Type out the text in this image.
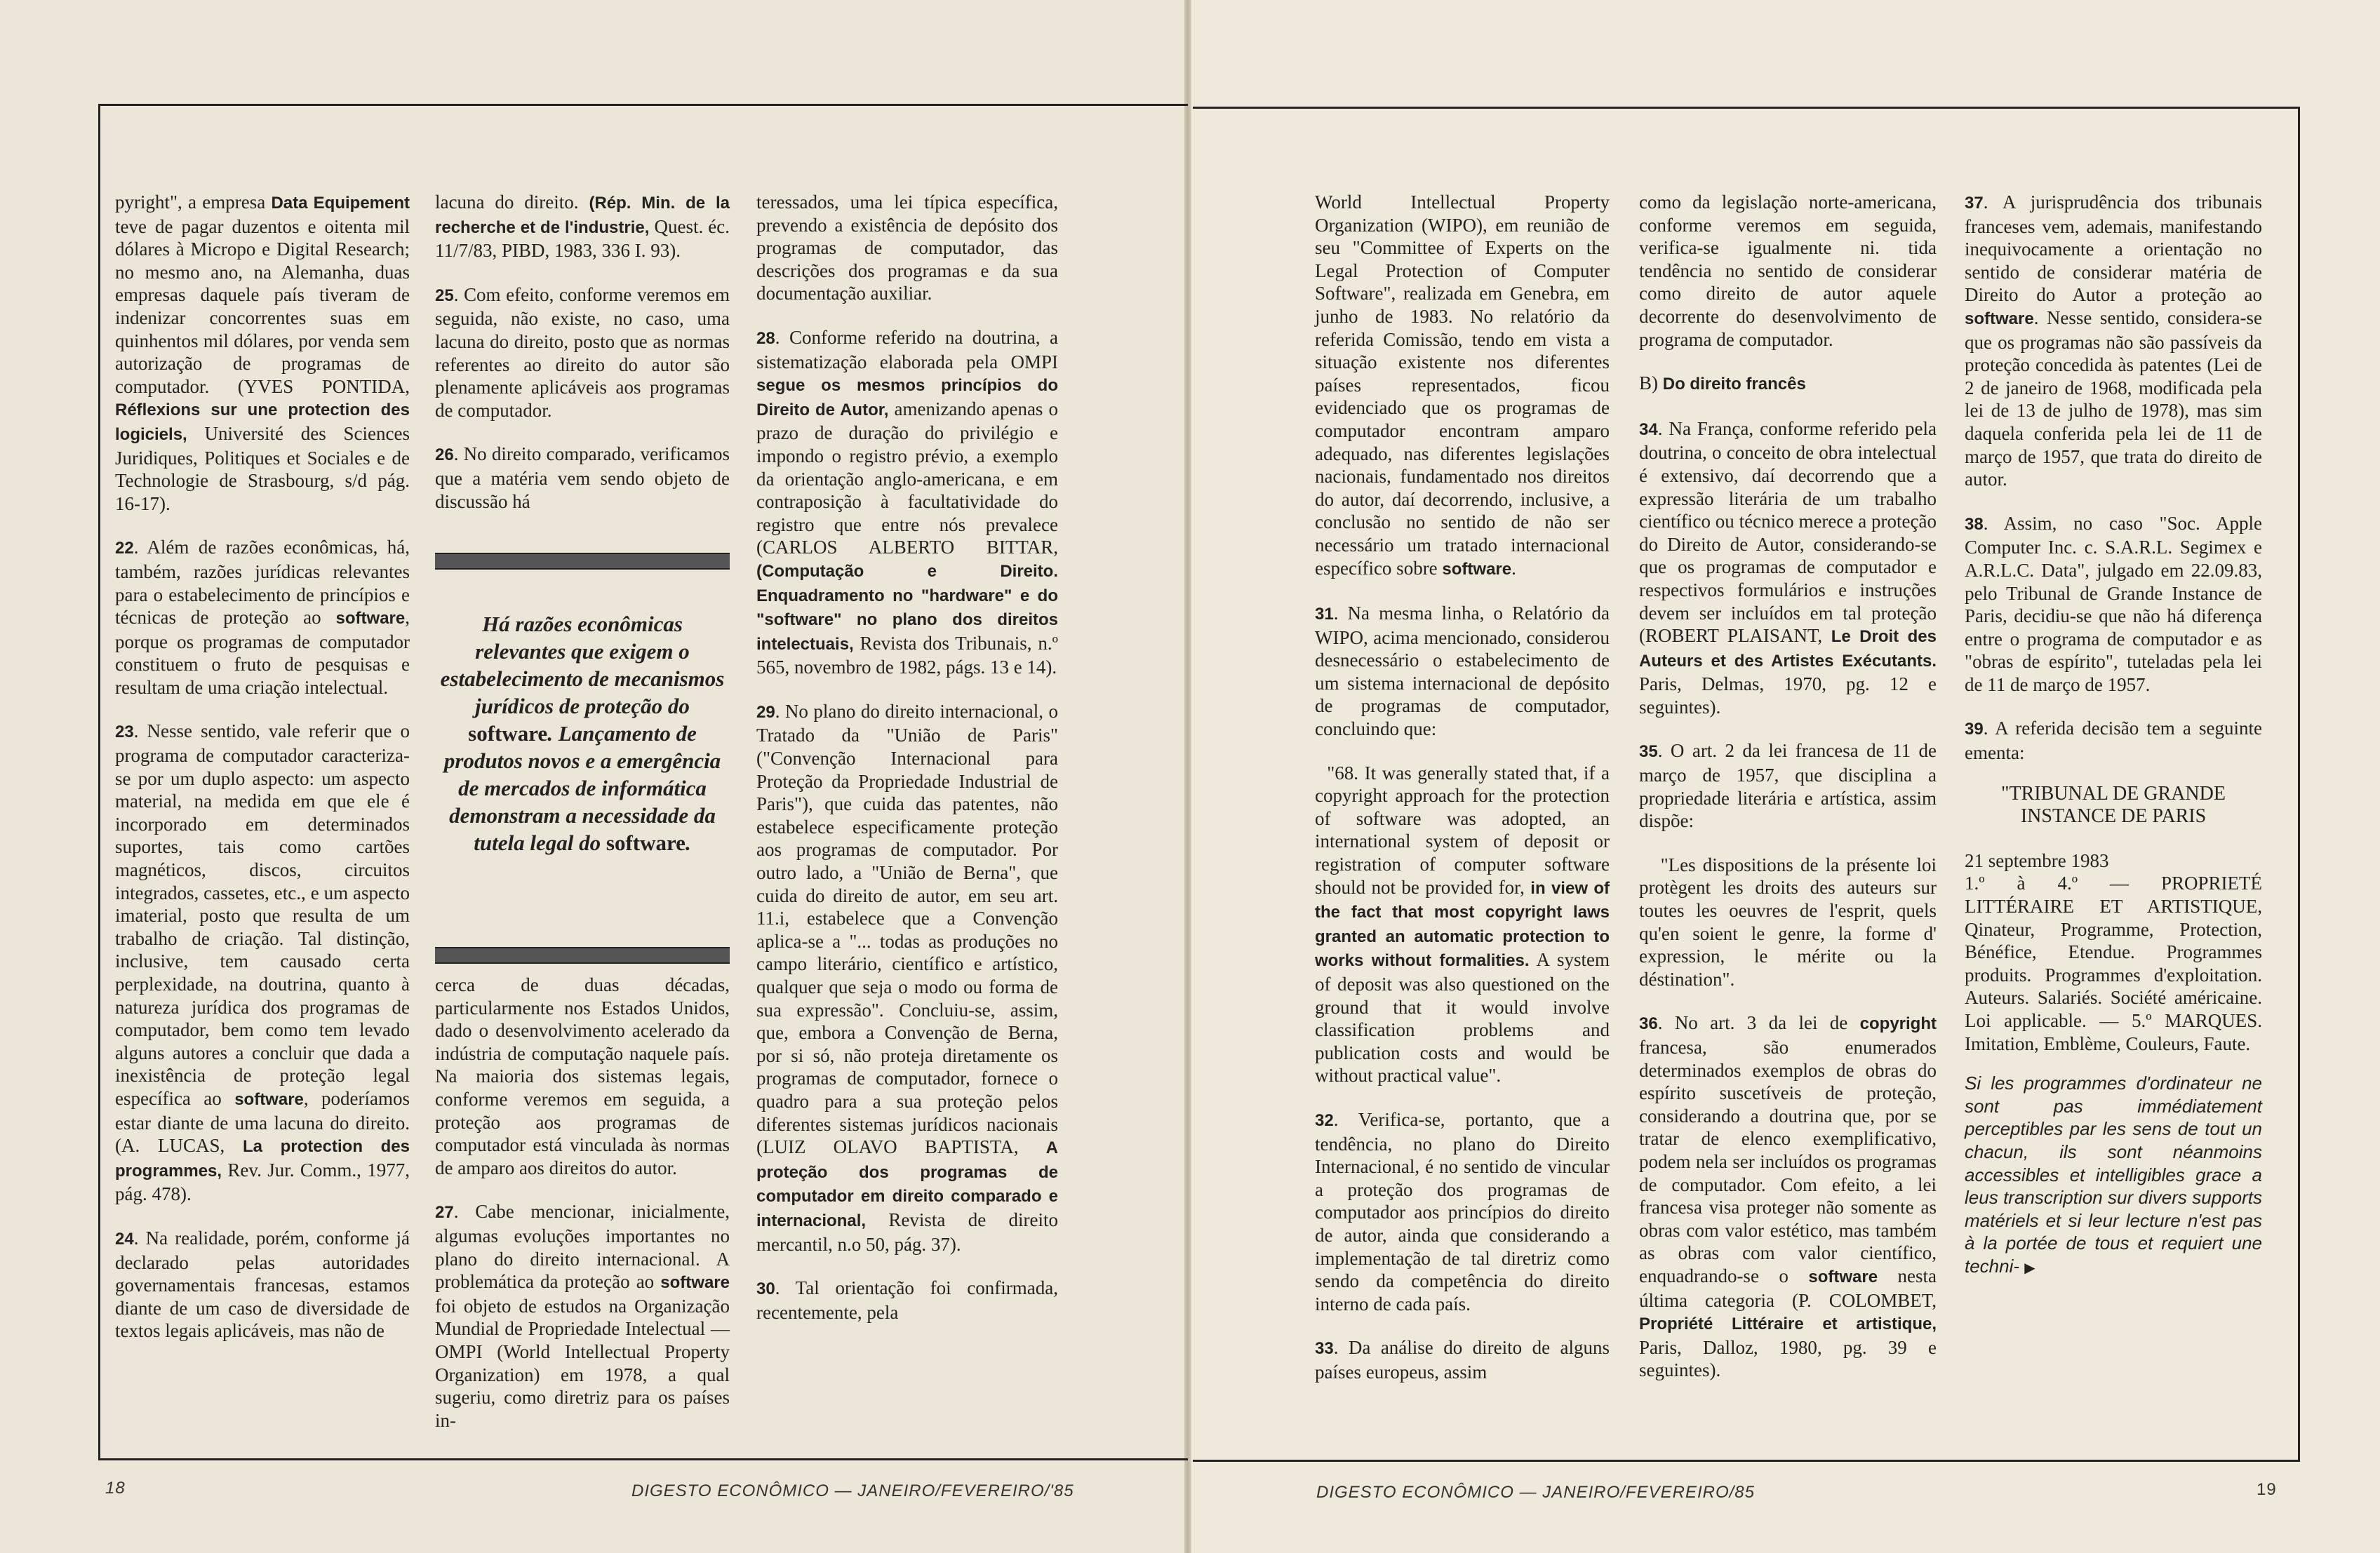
pyright", a empresa Data Equipement teve de pagar duzentos e oitenta mil dólares à Micropo e Digital Research; no mesmo ano, na Alemanha, duas empresas daquele país tiveram de indenizar concorrentes suas em quinhentos mil dólares, por venda sem autorização de programas de computador. (YVES PONTIDA, Réflexions sur une protection des logiciels, Université des Sciences Juridiques, Politiques et Sociales e de Technologie de Strasbourg, s/d pág. 16-17).

22. Além de razões econômicas, há, também, razões jurídicas relevantes para o estabelecimento de princípios e técnicas de proteção ao software, porque os programas de computador constituem o fruto de pesquisas e resultam de uma criação intelectual.

23. Nesse sentido, vale referir que o programa de computador caracteriza-se por um duplo aspecto: um aspecto material, na medida em que ele é incorporado em determinados suportes, tais como cartões magnéticos, discos, circuitos integrados, cassetes, etc., e um aspecto imaterial, posto que resulta de um trabalho de criação. Tal distinção, inclusive, tem causado certa perplexidade, na doutrina, quanto à natureza jurídica dos programas de computador, bem como tem levado alguns autores a concluir que dada a inexistência de proteção legal específica ao software, poderíamos estar diante de uma lacuna do direito. (A. LUCAS, La protection des programmes, Rev. Jur. Comm., 1977, pág. 478).

24. Na realidade, porém, conforme já declarado pelas autoridades governamentais francesas, estamos diante de um caso de diversidade de textos legais aplicáveis, mas não de

lacuna do direito. (Rép. Min. de la recherche et de l'industrie, Quest. éc. 11/7/83, PIBD, 1983, 336 I. 93).

25. Com efeito, conforme veremos em seguida, não existe, no caso, uma lacuna do direito, posto que as normas referentes ao direito do autor são plenamente aplicáveis aos programas de computador.

26. No direito comparado, verificamos que a matéria vem sendo objeto de discussão há

Há razões econômicas relevantes que exigem o estabelecimento de mecanismos jurídicos de proteção do software. Lançamento de produtos novos e a emergência de mercados de informática demonstram a necessidade da tutela legal do software.

cerca de duas décadas, particularmente nos Estados Unidos, dado o desenvolvimento acelerado da indústria de computação naquele país. Na maioria dos sistemas legais, conforme veremos em seguida, a proteção aos programas de computador está vinculada às normas de amparo aos direitos do autor.

27. Cabe mencionar, inicialmente, algumas evoluções importantes no plano do direito internacional. A problemática da proteção ao software foi objeto de estudos na Organização Mundial de Propriedade Intelectual — OMPI (World Intellectual Property Organization) em 1978, a qual sugeriu, como diretriz para os países in-

teressados, uma lei típica específica, prevendo a existência de depósito dos programas de computador, das descrições dos programas e da sua documentação auxiliar.

28. Conforme referido na doutrina, a sistematização elaborada pela OMPI segue os mesmos princípios do Direito de Autor, amenizando apenas o prazo de duração do privilégio e impondo o registro prévio, a exemplo da orientação anglo-americana, e em contraposição à facultatividade do registro que entre nós prevalece (CARLOS ALBERTO BITTAR, (Computação e Direito. Enquadramento no "hardware" e do "software" no plano dos direitos intelectuais, Revista dos Tribunais, n.º 565, novembro de 1982, págs. 13 e 14).

29. No plano do direito internacional, o Tratado da "União de Paris" ("Convenção Internacional para Proteção da Propriedade Industrial de Paris"), que cuida das patentes, não estabelece especificamente proteção aos programas de computador. Por outro lado, a "União de Berna", que cuida do direito de autor, em seu art. 11.i, estabelece que a Convenção aplica-se a "... todas as produções no campo literário, científico e artístico, qualquer que seja o modo ou forma de sua expressão". Concluiu-se, assim, que, embora a Convenção de Berna, por si só, não proteja diretamente os programas de computador, fornece o quadro para a sua proteção pelos diferentes sistemas jurídicos nacionais (LUIZ OLAVO BAPTISTA, A proteção dos programas de computador em direito comparado e internacional, Revista de direito mercantil, n.o 50, pág. 37).

30. Tal orientação foi confirmada, recentemente, pela

18	DIGESTO ECONÔMICO — JANEIRO/FEVEREIRO/'85

World Intellectual Property Organization (WIPO), em reunião de seu "Committee of Experts on the Legal Protection of Computer Software", realizada em Genebra, em junho de 1983. No relatório da referida Comissão, tendo em vista a situação existente nos diferentes países representados, ficou evidenciado que os programas de computador encontram amparo adequado, nas diferentes legislações nacionais, fundamentado nos direitos do autor, daí decorrendo, inclusive, a conclusão no sentido de não ser necessário um tratado internacional específico sobre software.

31. Na mesma linha, o Relatório da WIPO, acima mencionado, considerou desnecessário o estabelecimento de um sistema internacional de depósito de programas de computador, concluindo que:

"68. It was generally stated that, if a copyright approach for the protection of software was adopted, an international system of deposit or registration of computer software should not be provided for, in view of the fact that most copyright laws granted an automatic protection to works without formalities. A system of deposit was also questioned on the ground that it would involve classification problems and publication costs and would be without practical value".

32. Verifica-se, portanto, que a tendência, no plano do Direito Internacional, é no sentido de vincular a proteção dos programas de computador aos princípios do direito de autor, ainda que considerando a implementação de tal diretriz como sendo da competência do direito interno de cada país.

33. Da análise do direito de alguns países europeus, assim

como da legislação norte-americana, conforme veremos em seguida, verifica-se igualmente ni. tida tendência no sentido de considerar como direito de autor aquele decorrente do desenvolvimento de programa de computador.

B) Do direito francês

34. Na França, conforme referido pela doutrina, o conceito de obra intelectual é extensivo, daí decorrendo que a expressão literária de um trabalho científico ou técnico merece a proteção do Direito de Autor, considerando-se que os programas de computador e respectivos formulários e instruções devem ser incluídos em tal proteção (ROBERT PLAISANT, Le Droit des Auteurs et des Artistes Exécutants. Paris, Delmas, 1970, pg. 12 e seguintes).

35. O art. 2 da lei francesa de 11 de março de 1957, que disciplina a propriedade literária e artística, assim dispõe:

"Les dispositions de la présente loi protègent les droits des auteurs sur toutes les oeuvres de l'esprit, quels qu'en soient le genre, la forme d' expression, le mérite ou la déstination".

36. No art. 3 da lei de copyright francesa, são enumerados determinados exemplos de obras do espírito suscetíveis de proteção, considerando a doutrina que, por se tratar de elenco exemplificativo, podem nela ser incluídos os programas de computador. Com efeito, a lei francesa visa proteger não somente as obras com valor estético, mas também as obras com valor científico, enquadrando-se o software nesta última categoria (P. COLOMBET, Propriété Littéraire et artistique, Paris, Dalloz, 1980, pg. 39 e seguintes).

37. A jurisprudência dos tribunais franceses vem, ademais, manifestando inequivocamente a orientação no sentido de considerar matéria de Direito do Autor a proteção ao software. Nesse sentido, considera-se que os programas não são passíveis da proteção concedida às patentes (Lei de 2 de janeiro de 1968, modificada pela lei de 13 de julho de 1978), mas sim daquela conferida pela lei de 11 de março de 1957, que trata do direito de autor.

38. Assim, no caso "Soc. Apple Computer Inc. c. S.A.R.L. Segimex e A.R.L.C. Data", julgado em 22.09.83, pelo Tribunal de Grande Instance de Paris, decidiu-se que não há diferença entre o programa de computador e as "obras de espírito", tuteladas pela lei de 11 de março de 1957.

39. A referida decisão tem a seguinte ementa:

"TRIBUNAL DE GRANDE INSTANCE DE PARIS

21 septembre 1983

1.º à 4.º — PROPRIETÉ LITTÉRAIRE ET ARTISTIQUE, Qinateur, Programme, Protection, Bénéfice, Etendue. Programmes produits. Programmes d'exploitation. Auteurs. Salariés. Société américaine. Loi applicable. — 5.º MARQUES. Imitation, Emblème, Couleurs, Faute.

Si les programmes d'ordinateur ne sont pas immédiatement perceptibles par les sens de tout un chacun, ils sont néanmoins accessibles et intelligibles grace a leus transcription sur divers supports matériels et si leur lecture n'est pas à la portée de tous et requiert une techni- ▶

DIGESTO ECONÔMICO — JANEIRO/FEVEREIRO/85	19
